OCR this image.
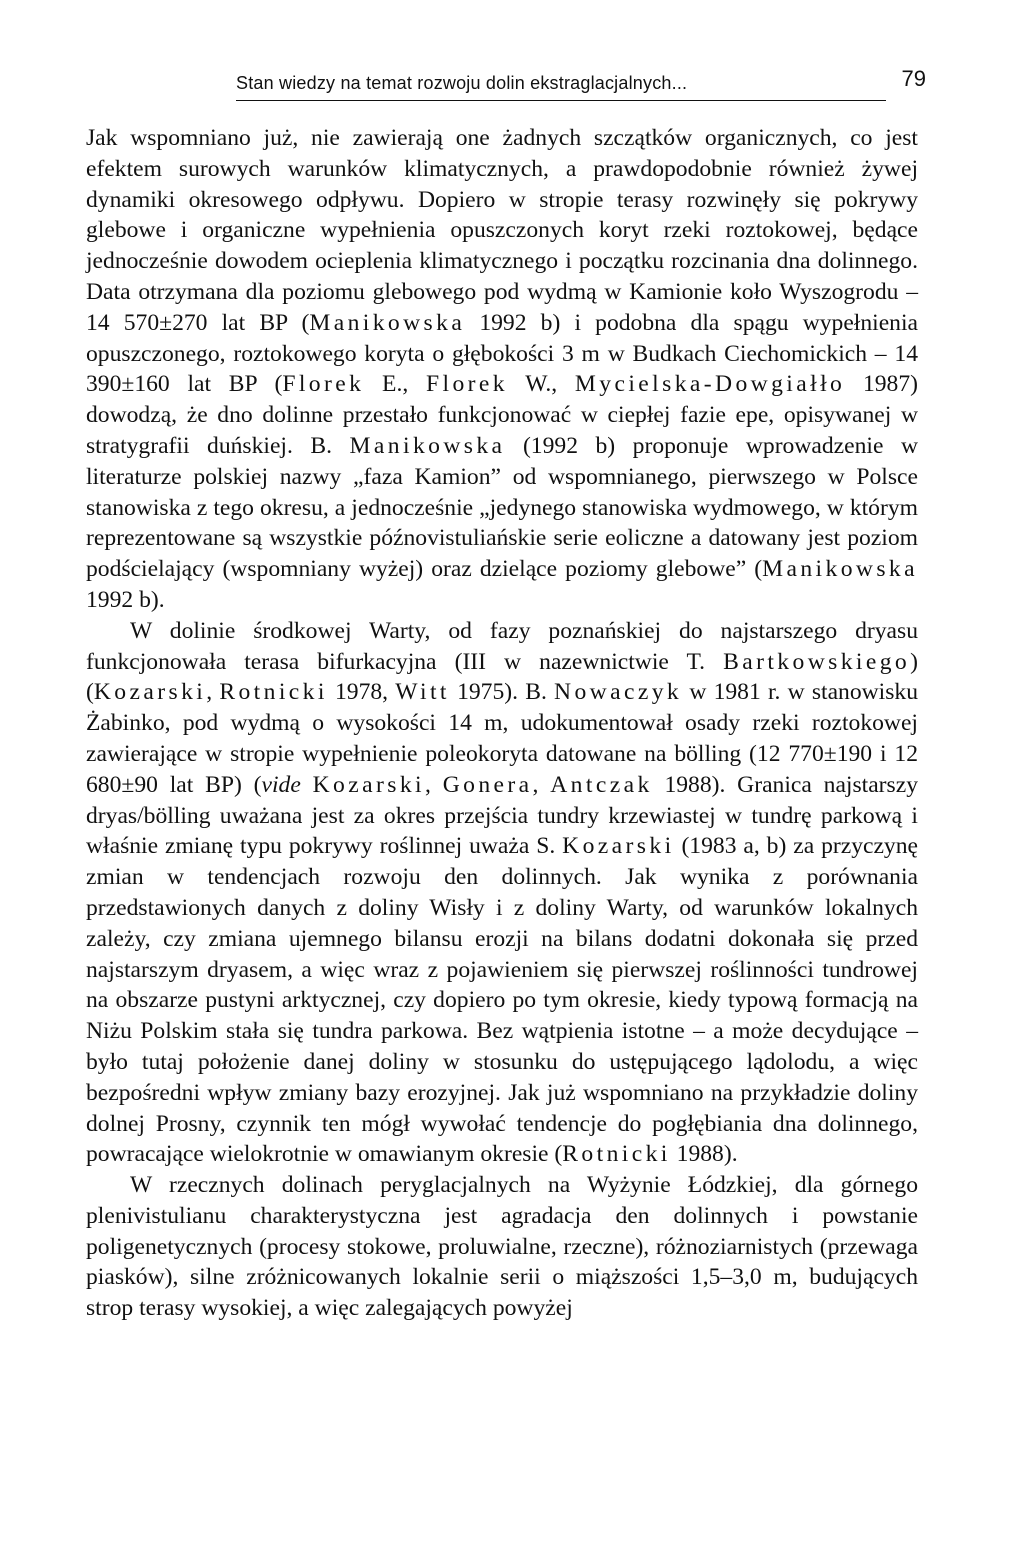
Stan wiedzy na temat rozwoju dolin ekstraglacjalnych...	79

Jak wspomniano już, nie zawierają one żadnych szczątków organicznych, co jest efektem surowych warunków klimatycznych, a prawdopodobnie również żywej dynamiki okresowego odpływu. Dopiero w stropie terasy rozwinęły się pokrywy glebowe i organiczne wypełnienia opuszczonych koryt rzeki roztokowej, będące jednocześnie dowodem ocieplenia klimatycznego i początku rozcinania dna dolinnego. Data otrzymana dla poziomu glebowego pod wydmą w Kamionie koło Wyszogrodu – 14 570±270 lat BP (Manikowska 1992 b) i podobna dla spągu wypełnienia opuszczonego, roztokowego koryta o głębokości 3 m w Budkach Ciechomickich – 14 390±160 lat BP (Florek E., Florek W., Mycielska-Dowgiałło 1987) dowodzą, że dno dolinne przestało funkcjonować w ciepłej fazie epe, opisywanej w stratygrafii duńskiej. B. Manikowska (1992 b) proponuje wprowadzenie w literaturze polskiej nazwy „faza Kamion” od wspomnianego, pierwszego w Polsce stanowiska z tego okresu, a jednocześnie „jedynego stanowiska wydmowego, w którym reprezentowane są wszystkie późnovistuliańskie serie eoliczne a datowany jest poziom podścielający (wspomniany wyżej) oraz dzielące poziomy glebowe” (Manikowska 1992 b).

W dolinie środkowej Warty, od fazy poznańskiej do najstarszego dryasu funkcjonowała terasa bifurkacyjna (III w nazewnictwie T. Bartkowskiego) (Kozarski, Rotnicki 1978, Witt 1975). B. Nowaczyk w 1981 r. w stanowisku Żabinko, pod wydmą o wysokości 14 m, udokumentował osady rzeki roztokowej zawierające w stropie wypełnienie poleokoryta datowane na bölling (12 770±190 i 12 680±90 lat BP) (vide Kozarski, Gonera, Antczak 1988). Granica najstarszy dryas/bölling uważana jest za okres przejścia tundry krzewiastej w tundrę parkową i właśnie zmianę typu pokrywy roślinnej uważa S. Kozarski (1983 a, b) za przyczynę zmian w tendencjach rozwoju den dolinnych. Jak wynika z porównania przedstawionych danych z doliny Wisły i z doliny Warty, od warunków lokalnych zależy, czy zmiana ujemnego bilansu erozji na bilans dodatni dokonała się przed najstarszym dryasem, a więc wraz z pojawieniem się pierwszej roślinności tundrowej na obszarze pustyni arktycznej, czy dopiero po tym okresie, kiedy typową formacją na Niżu Polskim stała się tundra parkowa. Bez wątpienia istotne – a może decydujące – było tutaj położenie danej doliny w stosunku do ustępującego lądolodu, a więc bezpośredni wpływ zmiany bazy erozyjnej. Jak już wspomniano na przykładzie doliny dolnej Prosny, czynnik ten mógł wywołać tendencje do pogłębiania dna dolinnego, powracające wielokrotnie w omawianym okresie (Rotnicki 1988).

W rzecznych dolinach peryglacjalnych na Wyżynie Łódzkiej, dla górnego plenivistulianu charakterystyczna jest agradacja den dolinnych i powstanie poligenetycznych (procesy stokowe, proluwialne, rzeczne), różnoziarnistych (przewaga piasków), silne zróżnicowanych lokalnie serii o miąższości 1,5–3,0 m, budujących strop terasy wysokiej, a więc zalegających powyżej
